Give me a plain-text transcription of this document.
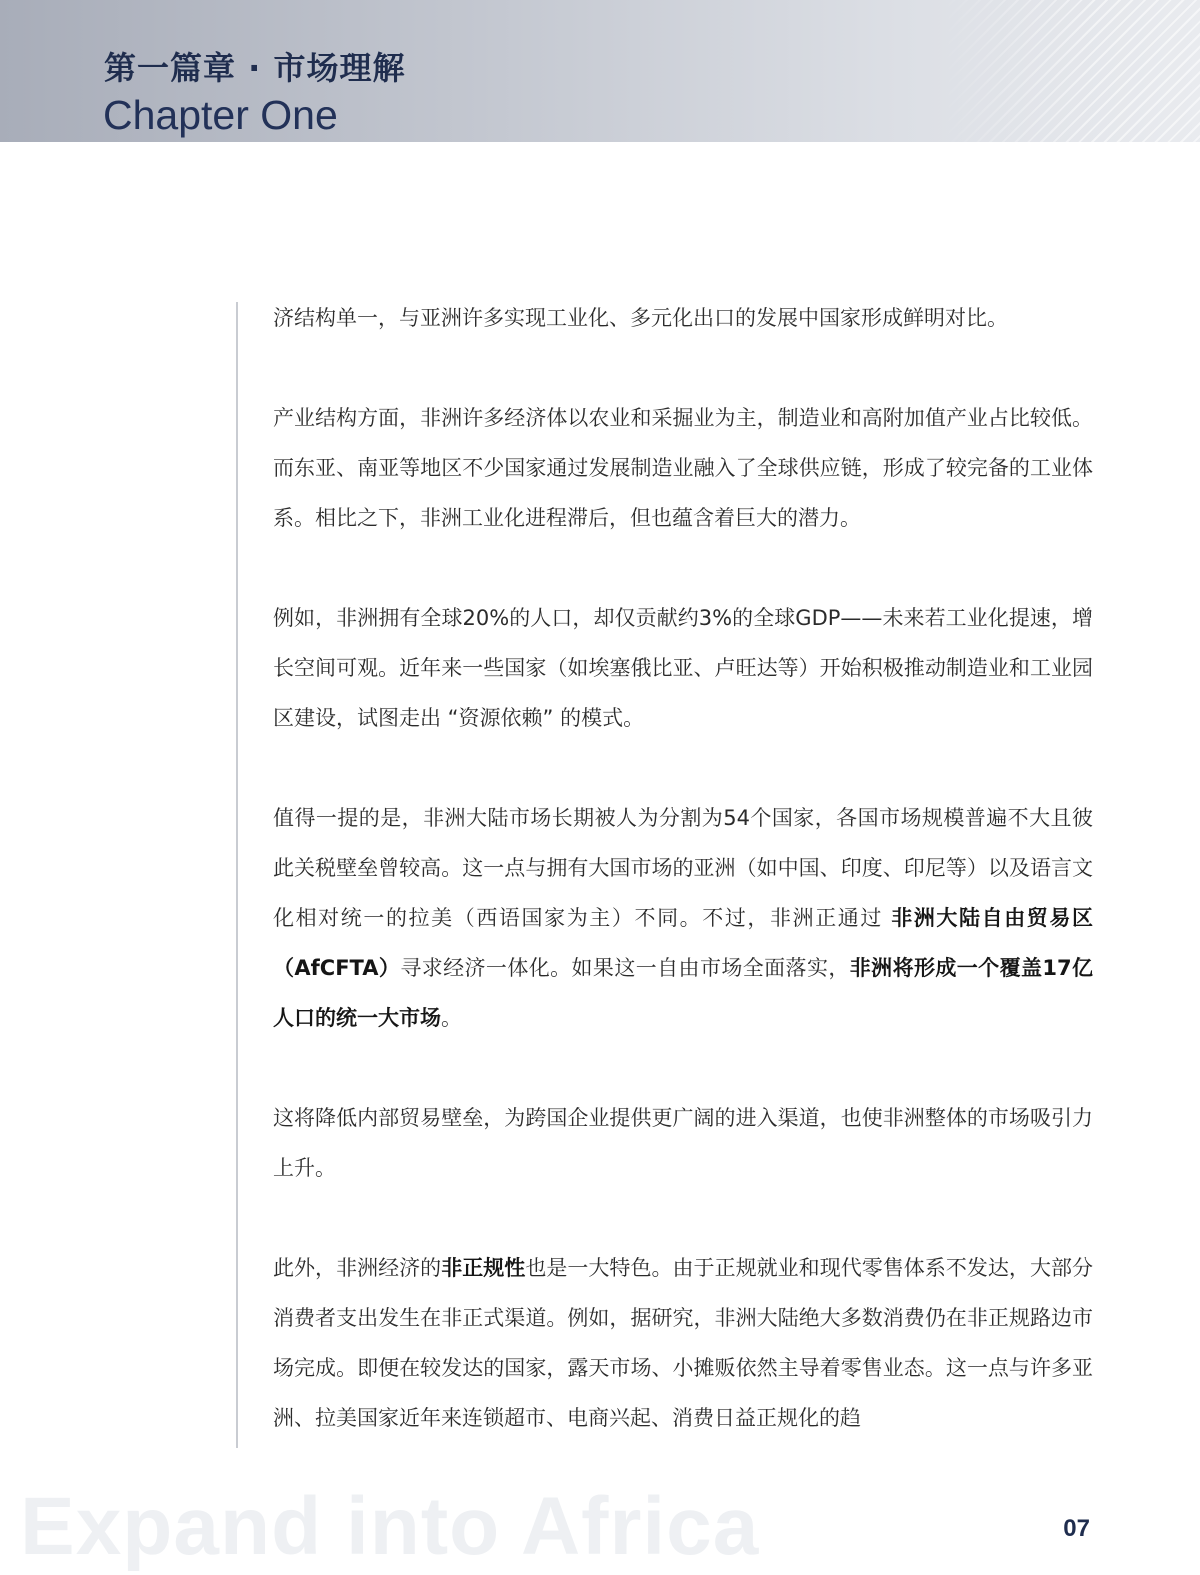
第一篇章 · 市场理解
Chapter One

济结构单一，与亚洲许多实现工业化、多元化出口的发展中国家形成鲜明对比。

产业结构方面，非洲许多经济体以农业和采掘业为主，制造业和高附加值产业占比较低。而东亚、南亚等地区不少国家通过发展制造业融入了全球供应链，形成了较完备的工业体系。相比之下，非洲工业化进程滞后，但也蕴含着巨大的潜力。

例如，非洲拥有全球20%的人口，却仅贡献约3%的全球GDP——未来若工业化提速，增长空间可观。近年来一些国家（如埃塞俄比亚、卢旺达等）开始积极推动制造业和工业园区建设，试图走出 “资源依赖” 的模式。

值得一提的是，非洲大陆市场长期被人为分割为54个国家，各国市场规模普遍不大且彼此关税壁垒曾较高。这一点与拥有大国市场的亚洲（如中国、印度、印尼等）以及语言文化相对统一的拉美（西语国家为主）不同。不过，非洲正通过 非洲大陆自由贸易区（AfCFTA）寻求经济一体化。如果这一自由市场全面落实，非洲将形成一个覆盖17亿人口的统一大市场。

这将降低内部贸易壁垒，为跨国企业提供更广阔的进入渠道，也使非洲整体的市场吸引力上升。

此外，非洲经济的非正规性也是一大特色。由于正规就业和现代零售体系不发达，大部分消费者支出发生在非正式渠道。例如，据研究，非洲大陆绝大多数消费仍在非正规路边市场完成。即便在较发达的国家，露天市场、小摊贩依然主导着零售业态。这一点与许多亚洲、拉美国家近年来连锁超市、电商兴起、消费日益正规化的趋

Expand into Africa	07
